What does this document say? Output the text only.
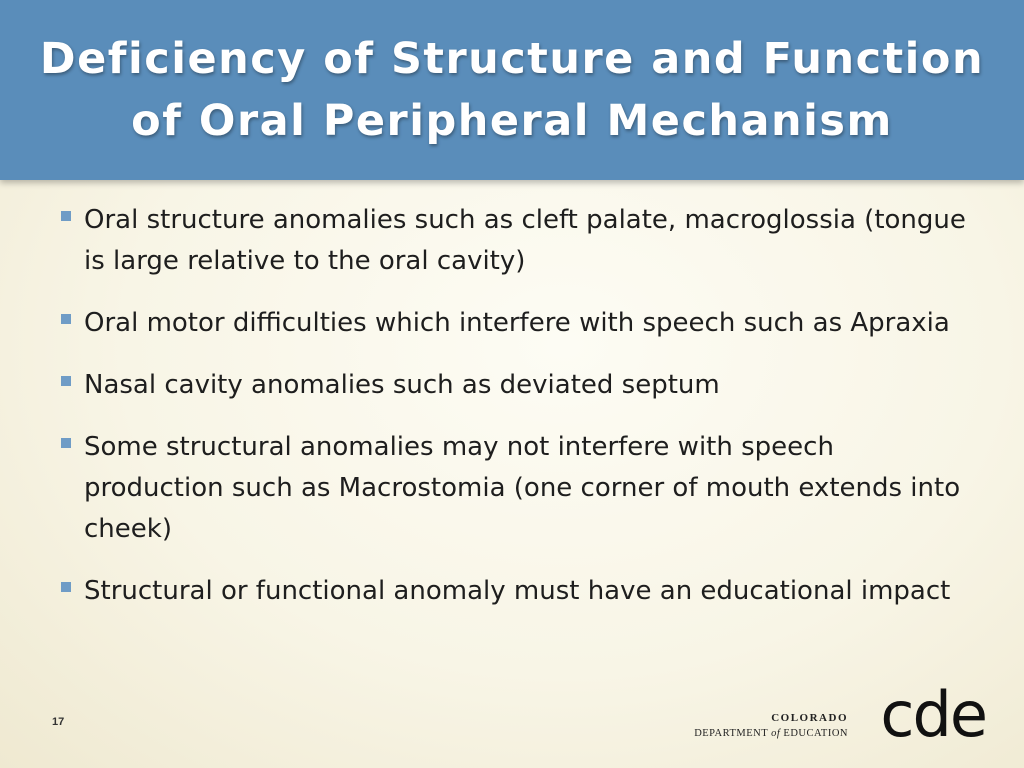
Deficiency of Structure and Function of Oral Peripheral Mechanism
Oral structure anomalies such as cleft palate, macroglossia (tongue is large relative to the oral cavity)
Oral motor difficulties which interfere with speech such as Apraxia
Nasal cavity anomalies such as deviated septum
Some structural anomalies may not interfere with speech production such as Macrostomia (one corner of mouth extends into cheek)
Structural or functional anomaly must have an educational impact
17	COLORADO
DEPARTMENT of EDUCATION cde
